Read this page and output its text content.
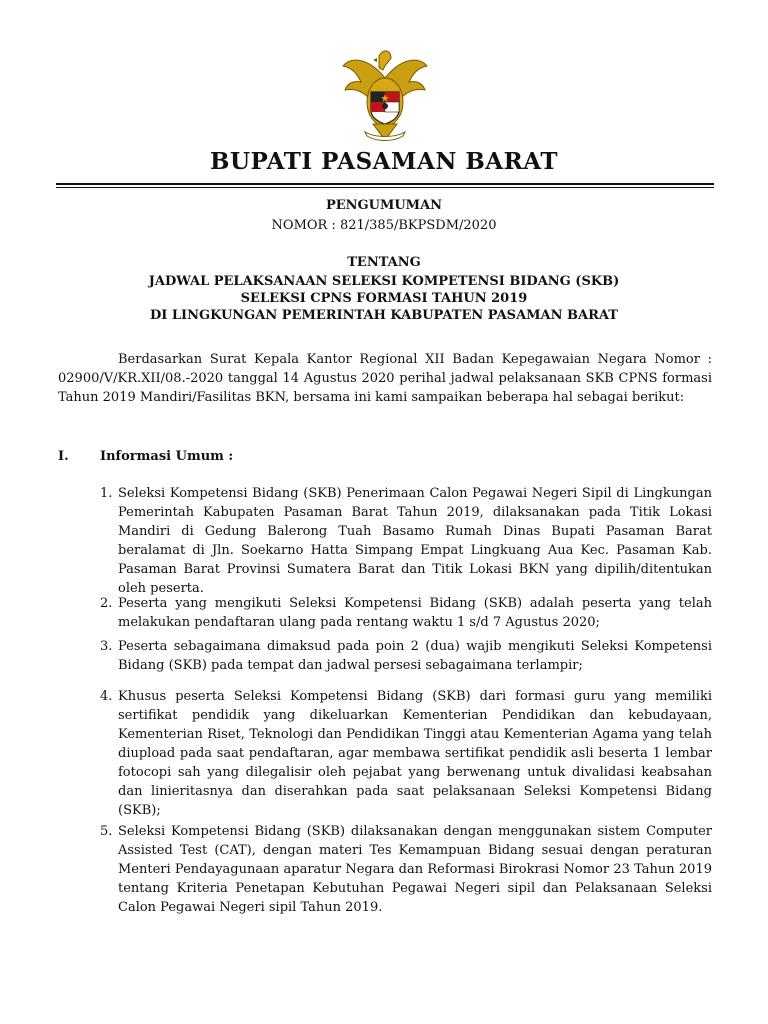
BUPATI PASAMAN BARAT
PENGUMUMAN
NOMOR : 821/385/BKPSDM/2020
TENTANG
JADWAL PELAKSANAAN SELEKSI KOMPETENSI BIDANG (SKB)
SELEKSI CPNS FORMASI TAHUN 2019
DI LINGKUNGAN PEMERINTAH KABUPATEN PASAMAN BARAT

Berdasarkan Surat Kepala Kantor Regional XII Badan Kepegawaian Negara Nomor : 02900/V/KR.XII/08.-2020 tanggal 14 Agustus 2020 perihal jadwal pelaksanaan SKB CPNS formasi Tahun 2019 Mandiri/Fasilitas BKN, bersama ini kami sampaikan beberapa hal sebagai berikut:

I. Informasi Umum :
1. Seleksi Kompetensi Bidang (SKB) Penerimaan Calon Pegawai Negeri Sipil di Lingkungan Pemerintah Kabupaten Pasaman Barat Tahun 2019, dilaksanakan pada Titik Lokasi Mandiri di Gedung Balerong Tuah Basamo Rumah Dinas Bupati Pasaman Barat beralamat di Jln. Soekarno Hatta Simpang Empat Lingkuang Aua Kec. Pasaman Kab. Pasaman Barat Provinsi Sumatera Barat dan Titik Lokasi BKN yang dipilih/ditentukan oleh peserta.
2. Peserta yang mengikuti Seleksi Kompetensi Bidang (SKB) adalah peserta yang telah melakukan pendaftaran ulang pada rentang waktu 1 s/d 7 Agustus 2020;
3. Peserta sebagaimana dimaksud pada poin 2 (dua) wajib mengikuti Seleksi Kompetensi Bidang (SKB) pada tempat dan jadwal persesi sebagaimana terlampir;
4. Khusus peserta Seleksi Kompetensi Bidang (SKB) dari formasi guru yang memiliki sertifikat pendidik yang dikeluarkan Kementerian Pendidikan dan kebudayaan, Kementerian Riset, Teknologi dan Pendidikan Tinggi atau Kementerian Agama yang telah diupload pada saat pendaftaran, agar membawa sertifikat pendidik asli beserta 1 lembar fotocopi sah yang dilegalisir oleh pejabat yang berwenang untuk divalidasi keabsahan dan linieritasnya dan diserahkan pada saat pelaksanaan Seleksi Kompetensi Bidang (SKB);
5. Seleksi Kompetensi Bidang (SKB) dilaksanakan dengan menggunakan sistem Computer Assisted Test (CAT), dengan materi Tes Kemampuan Bidang sesuai dengan peraturan Menteri Pendayagunaan aparatur Negara dan Reformasi Birokrasi Nomor 23 Tahun 2019 tentang Kriteria Penetapan Kebutuhan Pegawai Negeri sipil dan Pelaksanaan Seleksi Calon Pegawai Negeri sipil Tahun 2019.
